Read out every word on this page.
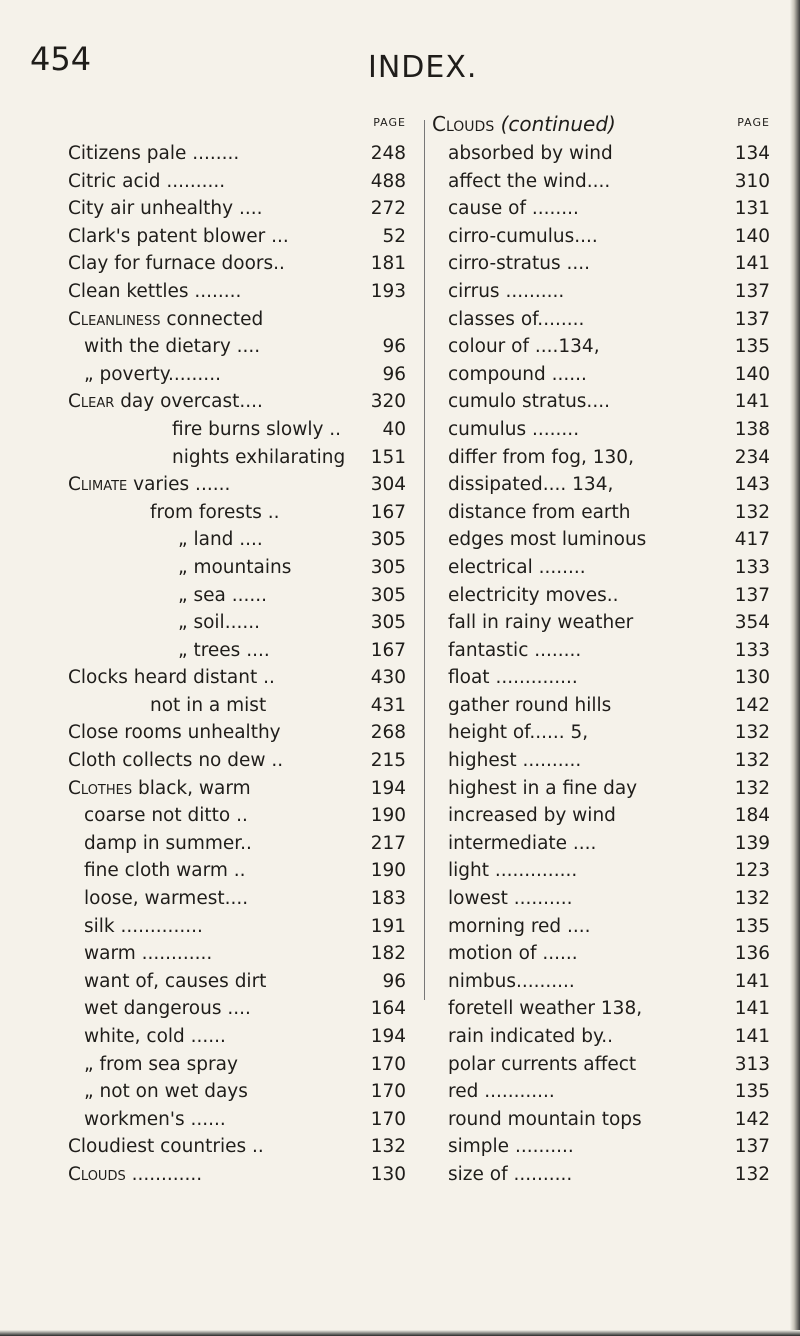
454	INDEX.
PAGE
Citizens pale ........	248
Citric acid ..........	488
City air unhealthy ....	272
Clark's patent blower ...	52
Clay for furnace doors..	181
Clean kettles ........	193
Cleanliness connected
with the dietary ....	96
„ poverty.........	96
Clear day overcast....	320
fire burns slowly .. 40
nights exhilarating 151
Climate varies ......	304
from forests ..	167
„ land ....	305
„ mountains	305
„ sea ......	305
„ soil......	305
„ trees ....	167
Clocks heard distant ..	430
not in a mist	431
Close rooms unhealthy	268
Cloth collects no dew ..	215
Clothes black, warm	194
coarse not ditto ..	190
damp in summer..	217
fine cloth warm ..	190
loose, warmest....	183
silk ..............	191
warm ............	182
want of, causes dirt	96
wet dangerous ....	164
white, cold ......	194
„ from sea spray	170
„ not on wet days	170
workmen's ......	170
Cloudiest countries ..	132
Clouds ............	130
Clouds (continued)	PAGE
absorbed by wind	134
affect the wind....	310
cause of ........	131
cirro-cumulus....	140
cirro-stratus ....	141
cirrus ..........	137
classes of........	137
colour of ....134,	135
compound ......	140
cumulo stratus....	141
cumulus ........	138
differ from fog, 130,	234
dissipated.... 134,	143
distance from earth	132
edges most luminous	417
electrical ........	133
electricity moves..	137
fall in rainy weather	354
fantastic ........	133
float ..............	130
gather round hills	142
height of...... 5,	132
highest ..........	132
highest in a fine day	132
increased by wind	184
intermediate ....	139
light ..............	123
lowest ..........	132
morning red ....	135
motion of ......	136
nimbus..........	141
foretell weather 138,	141
rain indicated by..	141
polar currents affect	313
red ............	135
round mountain tops	142
simple ..........	137
size of ..........	132
